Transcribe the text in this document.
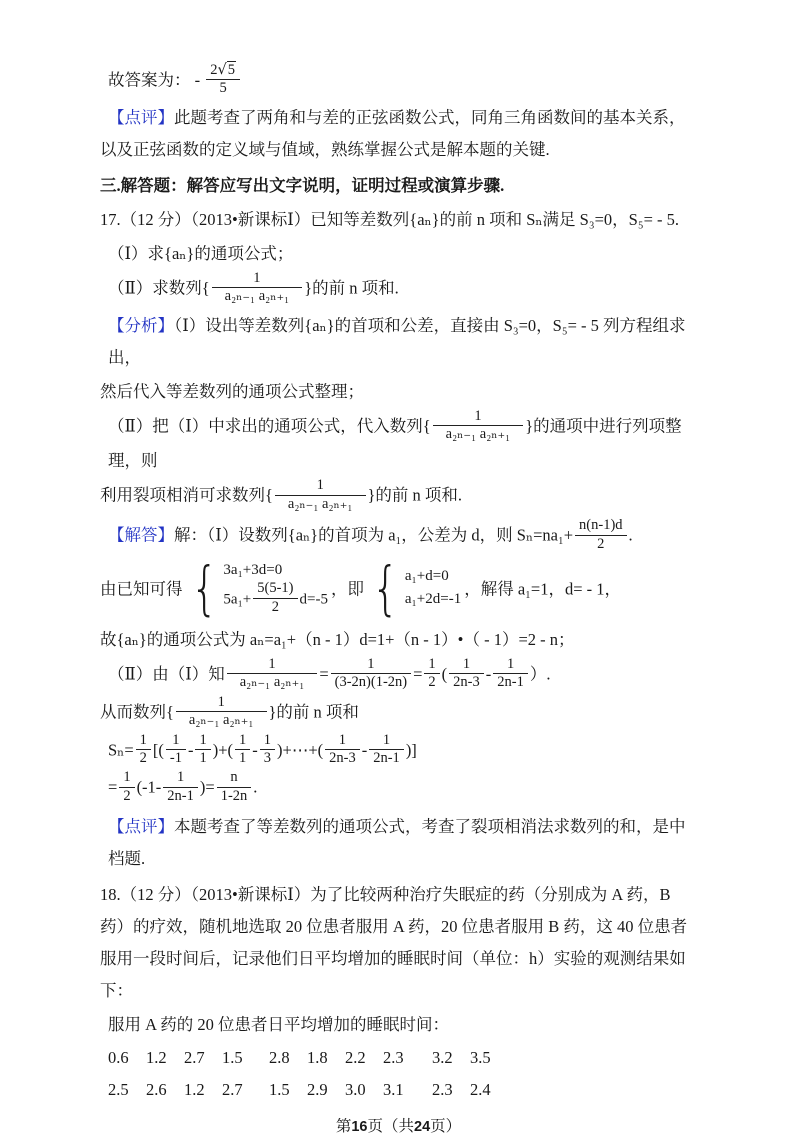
故答案为： - $\frac{2√5}{5}$

【点评】此题考查了两角和与差的正弦函数公式，同角三角函数间的基本关系，以及正弦函数的定义域与值域，熟练掌握公式是解本题的关键.

三.解答题：解答应写出文字说明，证明过程或演算步骤.

17.（12 分）（2013•新课标Ⅰ）已知等差数列{aₙ}的前 n 项和 Sₙ满足 S₃=0，S₅= - 5.

（Ⅰ）求{aₙ}的通项公式；

（Ⅱ）求数列{ $\frac{1}{\text{a₂ₙ₋₁ a₂ₙ₊₁}}$ }的前 n 项和.

【分析】（Ⅰ）设出等差数列{aₙ}的首项和公差，直接由 S₃=0，S₅= - 5 列方程组求出，

然后代入等差数列的通项公式整理；

（Ⅱ）把（Ⅰ）中求出的通项公式，代入数列{ $\frac{1}{\text{a₂ₙ₋₁ a₂ₙ₊₁}}$ }的通项中进行列项整理，则

利用裂项相消可求数列{ $\frac{1}{\text{a₂ₙ₋₁ a₂ₙ₊₁}}$ }的前 n 项和.

【解答】解：（Ⅰ）设数列{aₙ}的首项为 a₁，公差为 d，则 $S_n=na_1+ \frac{n(n-1)d}{2}$ .

由已知可得 { 3a₁+3d=0
$5a_1+ \frac{5(5-1)}{2} d=-5$
，即 { a₁+d=0
a₁+2d=-1
，解得 a₁=1，d= - 1，

故{aₙ}的通项公式为 aₙ=a₁+（n - 1）d=1+（n - 1）•（ - 1）=2 - n；

（Ⅱ）由（Ⅰ）知 $\frac{1}{\text{a₂ₙ₋₁ a₂ₙ₊₁}} = \frac{1}{(3-2n)(1-2n)} = \frac{1}{2}$ ( $\frac{1}{2n-3} - \frac{1}{2n-1}$ ）.

从而数列{ $\frac{1}{\text{a₂ₙ₋₁ a₂ₙ₊₁}}$ }的前 n 项和

$S_n= \frac{1}{2}$ [( $\frac{1}{-1} - \frac{1}{1}$ )+( $\frac{1}{1} - \frac{1}{3}$ )+⋯+( $\frac{1}{2n-3} - \frac{1}{2n-1}$ )]

= $\frac{1}{2} (-1- \frac{1}{2n-1}$ )= $\frac{n}{1-2n}$ .

【点评】本题考查了等差数列的通项公式，考查了裂项相消法求数列的和，是中档题.

18.（12 分）（2013•新课标Ⅰ）为了比较两种治疗失眠症的药（分别成为 A 药，B 药）的疗效，随机地选取 20 位患者服用 A 药，20 位患者服用 B 药，这 40 位患者服用一段时间后，记录他们日平均增加的睡眠时间（单位：h）实验的观测结果如下：

服用 A 药的 20 位患者日平均增加的睡眠时间：

0.6	1.2	2.7	1.5	2.8	1.8	2.2	2.3	3.2	3.5
2.5	2.6	1.2	2.7	1.5	2.9	3.0	3.1	2.3	2.4
第16页（共24页）
